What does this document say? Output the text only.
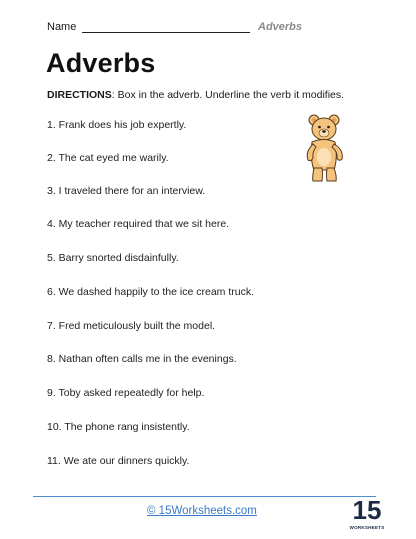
Name	Adverbs
Adverbs
DIRECTIONS: Box in the adverb. Underline the verb it modifies.
1. Frank does his job expertly.
2. The cat eyed me warily.
3. I traveled there for an interview.
4. My teacher required that we sit here.
5. Barry snorted disdainfully.
6. We dashed happily to the ice cream truck.
7. Fred meticulously built the model.
8. Nathan often calls me in the evenings.
9. Toby asked repeatedly for help.
10. The phone rang insistently.
11. We ate our dinners quickly.
© 15Worksheets.com	15
WORKSHEETS
